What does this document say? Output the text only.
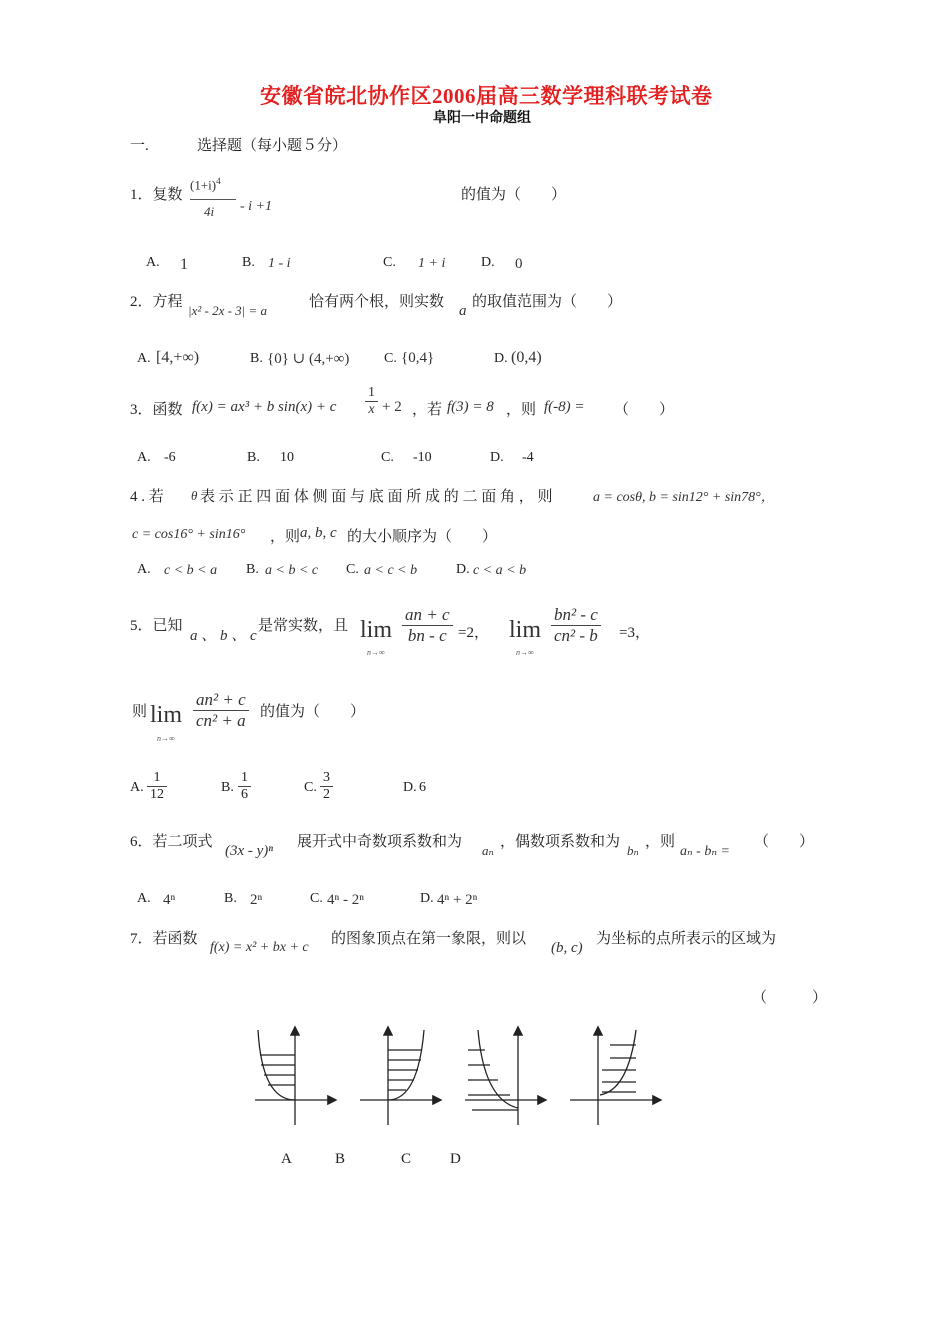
安徽省皖北协作区2006届高三数学理科联考试卷
阜阳一中命题组
一.	选择题（每小题５分）
1．复数
$(1+i)^4$
4i	- i +1
的值为（　　）
A. 1	B. 1 - i	C. 1 + i	D. 0
2．方程
|x² - 2x - 3| = a
恰有两个根，则实数
a
的取值范围为（　　）
A. [4,+∞)	B. {0} ∪ (4,+∞) C. {0,4}	D. (0,4)
3．函数 f(x) = ax³ + b sin(x) + c $\frac{1}{x} + 2$ ，若 f(3) = 8 ，则 f(-8) = （　　）
A. -6	B. 10	C. -10	D. -4
4 . 若 θ 表 示 正 四 面 体 侧 面 与 底 面 所 成 的 二 面 角 ， 则	a = cosθ, b = sin12° + sin78°，
c = cos16° + sin16° ，则 a, b, c 的大小顺序为（　　）
A. c < b < a B. a < b < c C. a < c < b	D. c < a < b
5．已知
a 、 b 、 c
是常实数，且 lim
n→∞
$\frac{an + c}{bn - c} =2$， lim
n→∞
$\frac{\text{bn² - c}}{\text{cn² - b}} =3$，
则 lim
n→∞
$\frac{\text{an² + c}}{\text{cn² + a}}$ 的值为（　　）
A. $\frac{1}{12}$	B. $\frac{1}{6}$	C. $\frac{3}{2}$	D. 6
6．若二项式
(3x - y)ⁿ
展开式中奇数项系数和为
aₙ
，偶数项系数和为
bₙ
，则
aₙ - bₙ =
（　　）
A. 4ⁿ	B. 2ⁿ	C. 4ⁿ - 2ⁿ	D. 4ⁿ + 2ⁿ
7．若函数
f(x) = x² + bx + c
的图象顶点在第一象限，则以
(b, c)
为坐标的点所表示的区域为
（　　　）
A	B	C	D
